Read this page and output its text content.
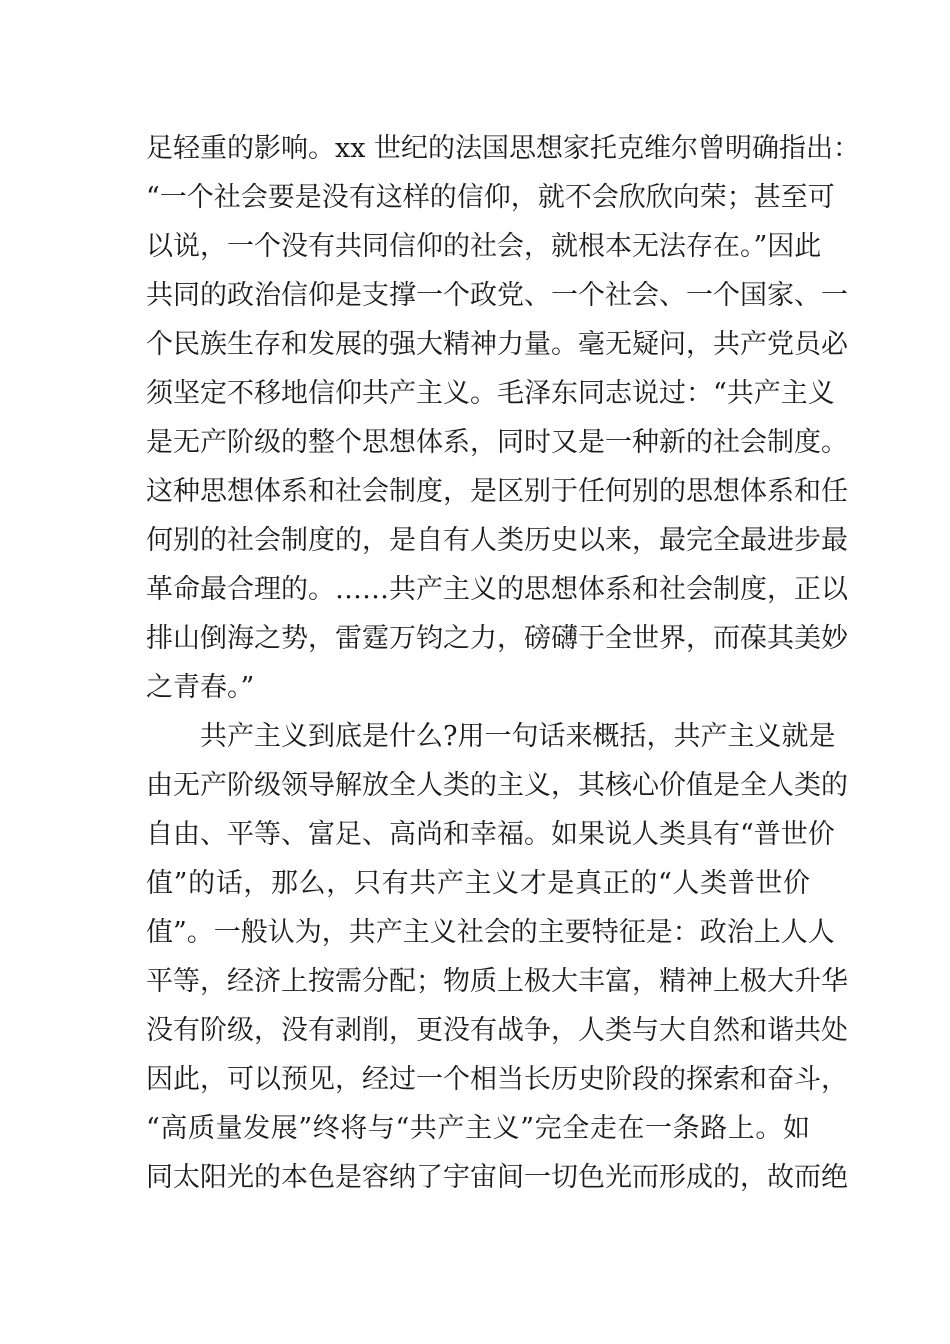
足轻重的影响。xx 世纪的法国思想家托克维尔曾明确指出：
“一个社会要是没有这样的信仰，就不会欣欣向荣；甚至可
以说，一个没有共同信仰的社会，就根本无法存在。”因此
共同的政治信仰是支撑一个政党、一个社会、一个国家、一
个民族生存和发展的强大精神力量。毫无疑问，共产党员必
须坚定不移地信仰共产主义。毛泽东同志说过：“共产主义
是无产阶级的整个思想体系，同时又是一种新的社会制度。
这种思想体系和社会制度，是区别于任何别的思想体系和任
何别的社会制度的，是自有人类历史以来，最完全最进步最
革命最合理的。……共产主义的思想体系和社会制度，正以
排山倒海之势，雷霆万钧之力，磅礴于全世界，而葆其美妙
之青春。”
共产主义到底是什么?用一句话来概括，共产主义就是
由无产阶级领导解放全人类的主义，其核心价值是全人类的
自由、平等、富足、高尚和幸福。如果说人类具有“普世价
值”的话，那么，只有共产主义才是真正的“人类普世价
值”。一般认为，共产主义社会的主要特征是：政治上人人
平等，经济上按需分配；物质上极大丰富，精神上极大升华
没有阶级，没有剥削，更没有战争，人类与大自然和谐共处
因此，可以预见，经过一个相当长历史阶段的探索和奋斗，
“高质量发展”终将与“共产主义”完全走在一条路上。如
同太阳光的本色是容纳了宇宙间一切色光而形成的，故而绝
